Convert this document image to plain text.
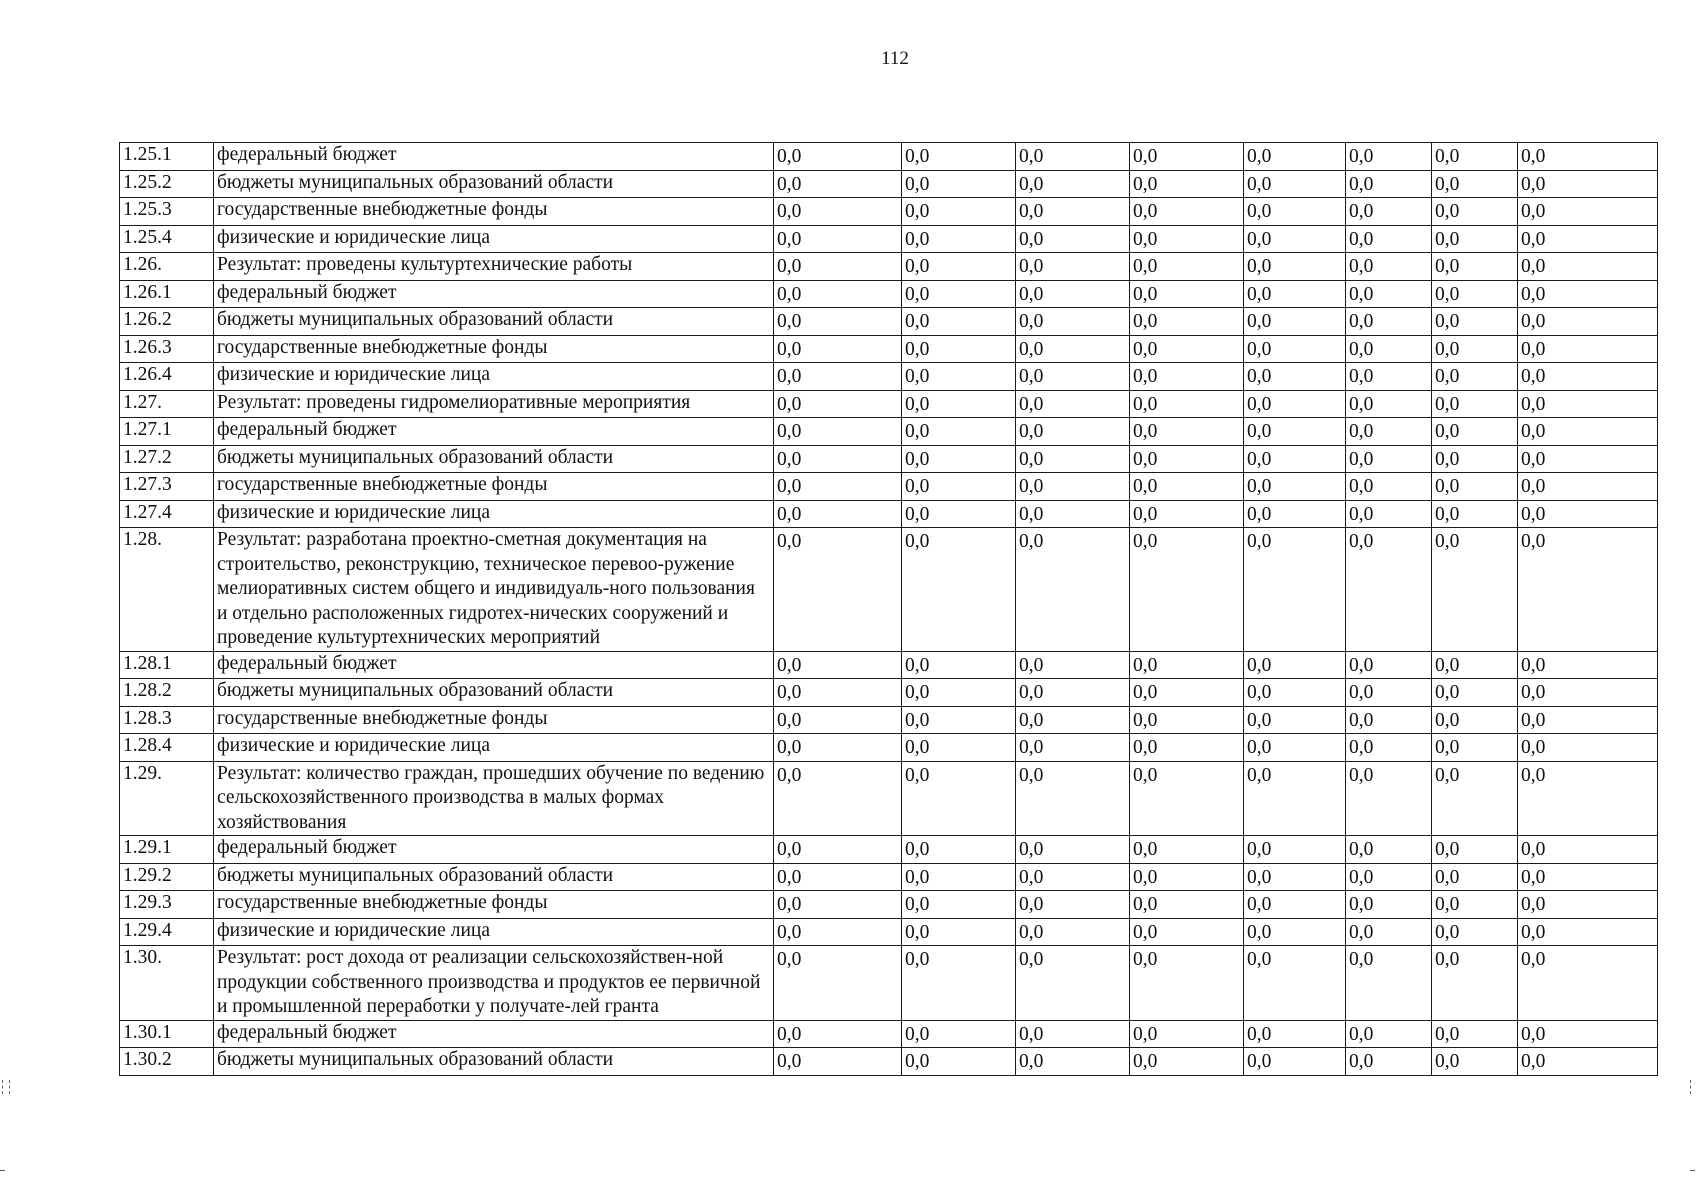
112
1.25.1	федеральный бюджет	0,0	0,0	0,0	0,0	0,0	0,0	0,0	0,0
1.25.2	бюджеты муниципальных образований области	0,0	0,0	0,0	0,0	0,0	0,0	0,0	0,0
1.25.3	государственные внебюджетные фонды	0,0	0,0	0,0	0,0	0,0	0,0	0,0	0,0
1.25.4	физические и юридические лица	0,0	0,0	0,0	0,0	0,0	0,0	0,0	0,0
1.26.	Результат: проведены культуртехнические работы	0,0	0,0	0,0	0,0	0,0	0,0	0,0	0,0
1.26.1	федеральный бюджет	0,0	0,0	0,0	0,0	0,0	0,0	0,0	0,0
1.26.2	бюджеты муниципальных образований области	0,0	0,0	0,0	0,0	0,0	0,0	0,0	0,0
1.26.3	государственные внебюджетные фонды	0,0	0,0	0,0	0,0	0,0	0,0	0,0	0,0
1.26.4	физические и юридические лица	0,0	0,0	0,0	0,0	0,0	0,0	0,0	0,0
1.27.	Результат: проведены гидромелиоративные мероприятия	0,0	0,0	0,0	0,0	0,0	0,0	0,0	0,0
1.27.1	федеральный бюджет	0,0	0,0	0,0	0,0	0,0	0,0	0,0	0,0
1.27.2	бюджеты муниципальных образований области	0,0	0,0	0,0	0,0	0,0	0,0	0,0	0,0
1.27.3	государственные внебюджетные фонды	0,0	0,0	0,0	0,0	0,0	0,0	0,0	0,0
1.27.4	физические и юридические лица	0,0	0,0	0,0	0,0	0,0	0,0	0,0	0,0
1.28.	Результат: разработана проектно-сметная документация на строительство, реконструкцию, техническое перевоо-ружение мелиоративных систем общего и индивидуаль-ного пользования и отдельно расположенных гидротех-нических сооружений и проведение культуртехнических мероприятий	0,0	0,0	0,0	0,0	0,0	0,0	0,0	0,0
1.28.1	федеральный бюджет	0,0	0,0	0,0	0,0	0,0	0,0	0,0	0,0
1.28.2	бюджеты муниципальных образований области	0,0	0,0	0,0	0,0	0,0	0,0	0,0	0,0
1.28.3	государственные внебюджетные фонды	0,0	0,0	0,0	0,0	0,0	0,0	0,0	0,0
1.28.4	физические и юридические лица	0,0	0,0	0,0	0,0	0,0	0,0	0,0	0,0
1.29.	Результат: количество граждан, прошедших обучение по ведению сельскохозяйственного производства в малых формах хозяйствования	0,0	0,0	0,0	0,0	0,0	0,0	0,0	0,0
1.29.1	федеральный бюджет	0,0	0,0	0,0	0,0	0,0	0,0	0,0	0,0
1.29.2	бюджеты муниципальных образований области	0,0	0,0	0,0	0,0	0,0	0,0	0,0	0,0
1.29.3	государственные внебюджетные фонды	0,0	0,0	0,0	0,0	0,0	0,0	0,0	0,0
1.29.4	физические и юридические лица	0,0	0,0	0,0	0,0	0,0	0,0	0,0	0,0
1.30.	Результат: рост дохода от реализации сельскохозяйствен-ной продукции собственного производства и продуктов ее первичной и промышленной переработки у получате-лей гранта	0,0	0,0	0,0	0,0	0,0	0,0	0,0	0,0
1.30.1	федеральный бюджет	0,0	0,0	0,0	0,0	0,0	0,0	0,0	0,0
1.30.2	бюджеты муниципальных образований области	0,0	0,0	0,0	0,0	0,0	0,0	0,0	0,0
